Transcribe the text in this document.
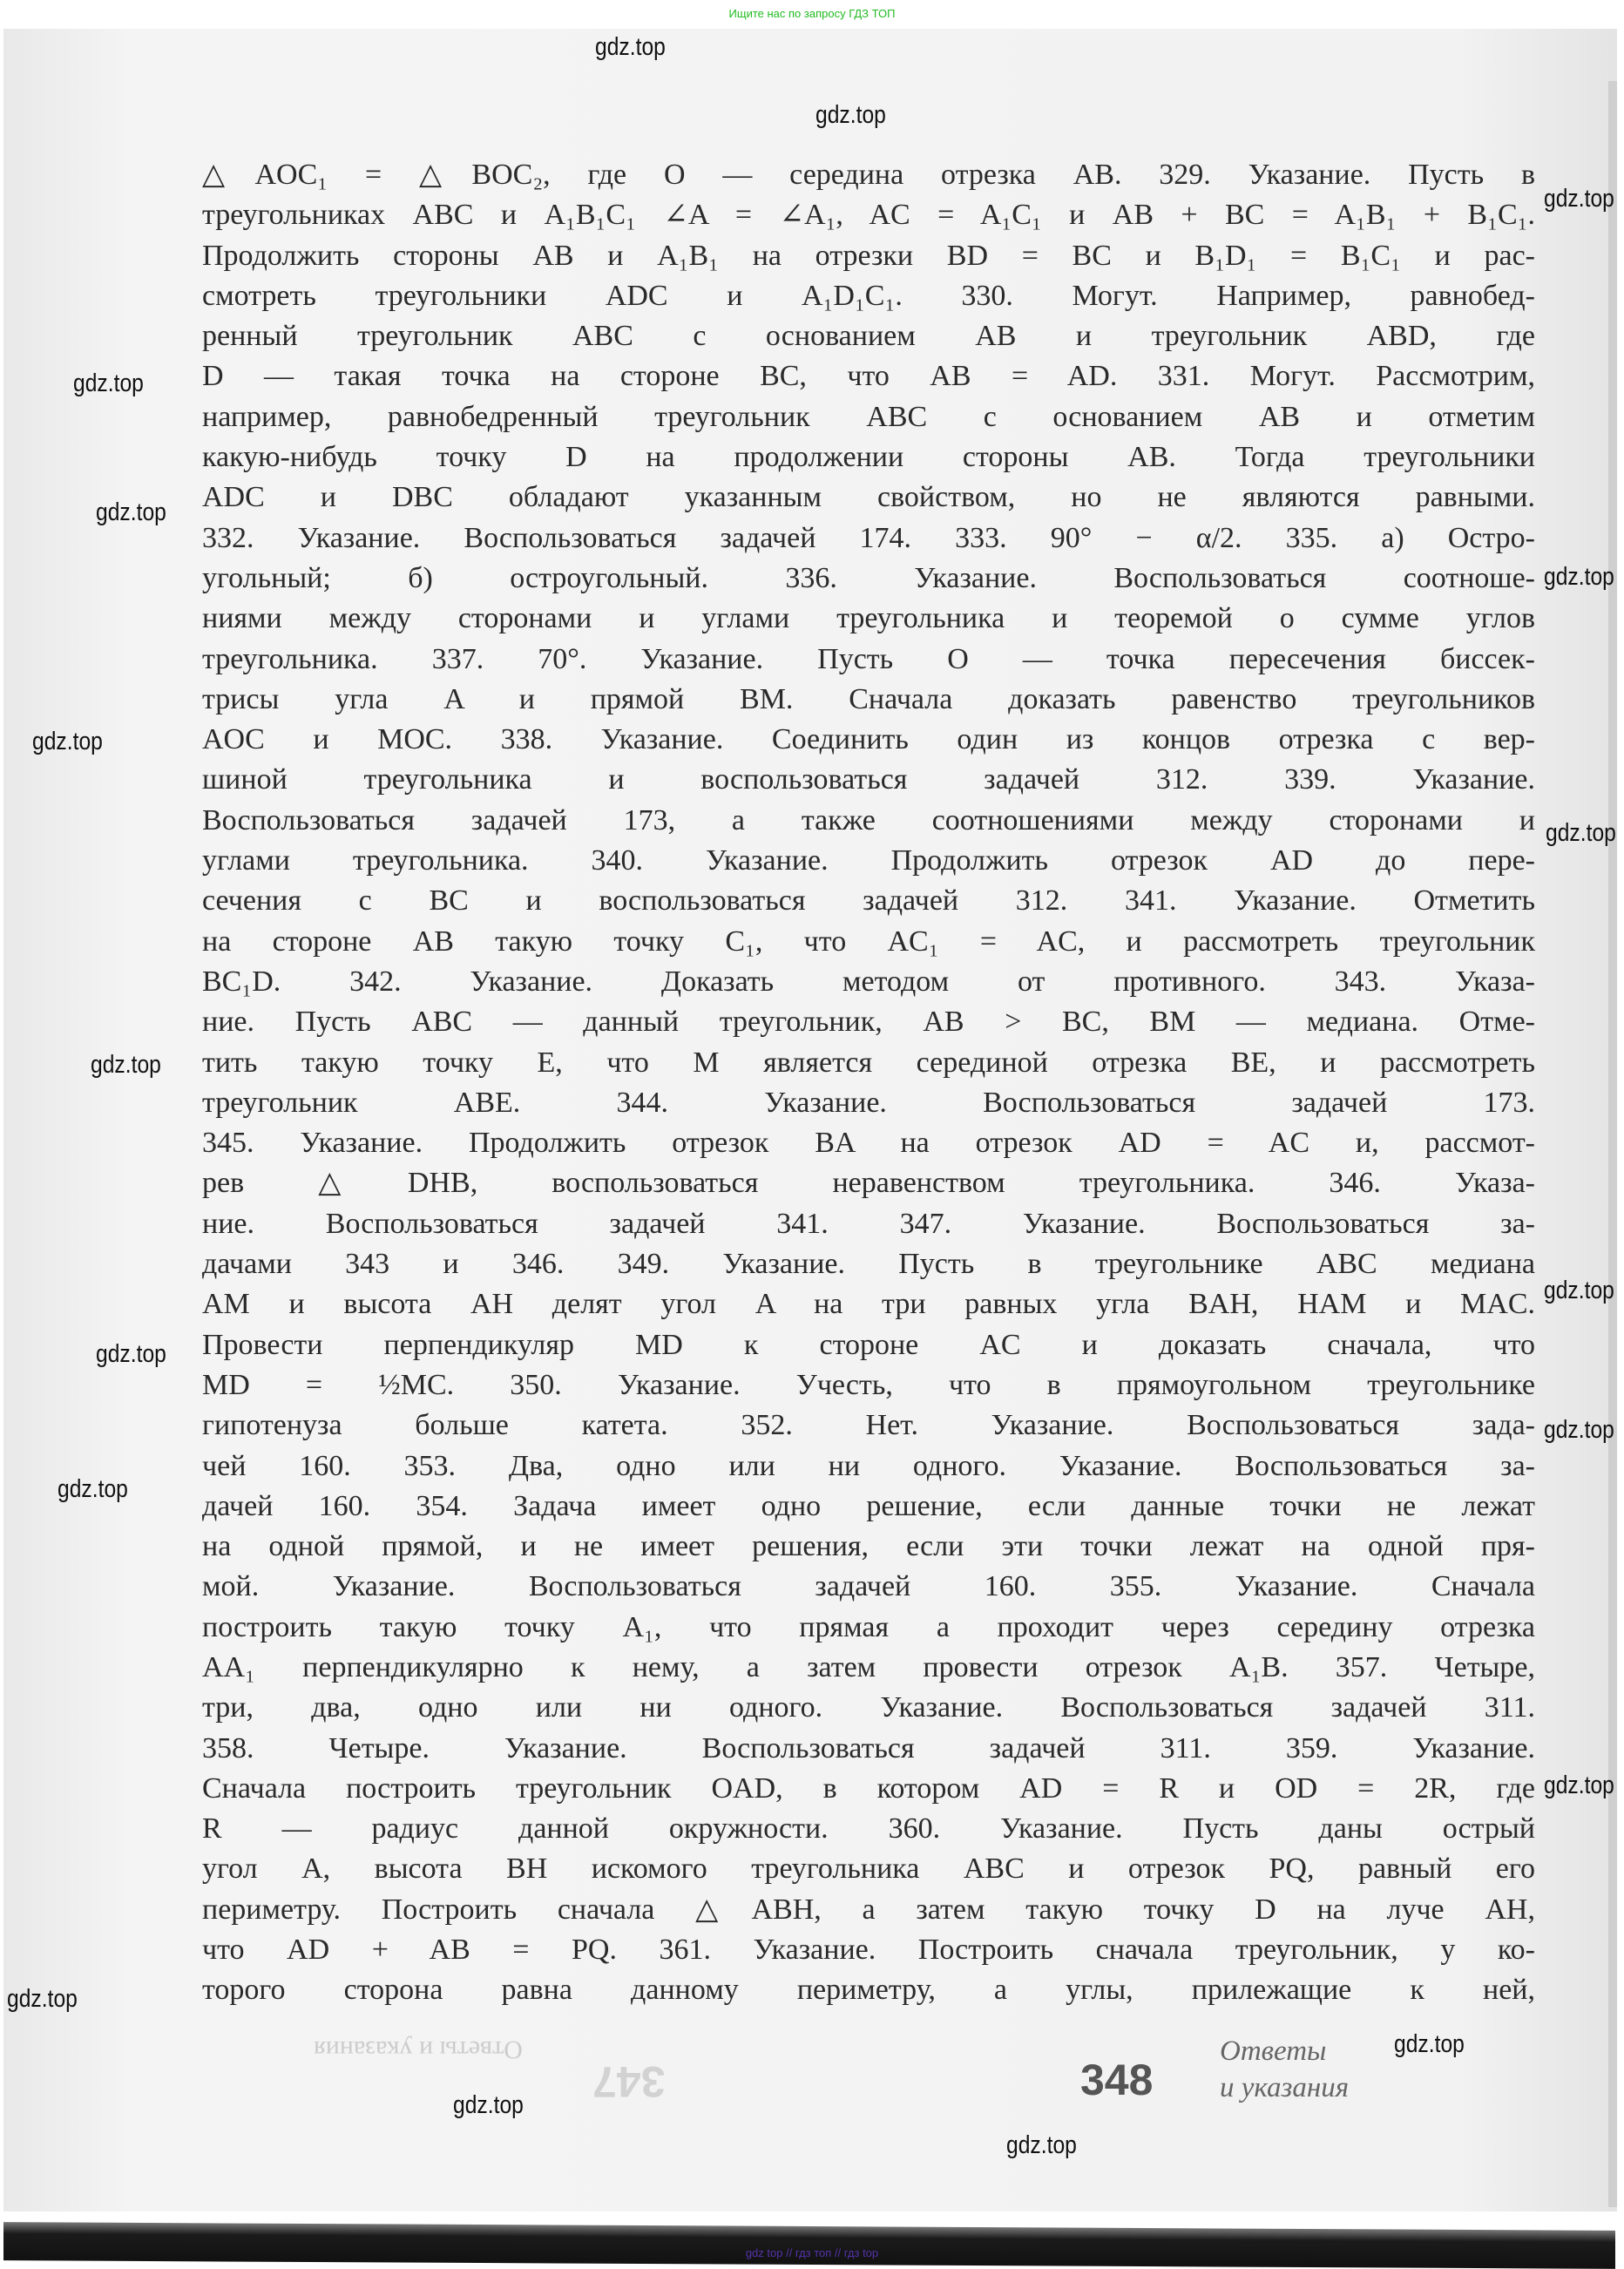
Ищите нас по запросу ГДЗ ТОП
△AOC₁ = △BOC₂, где O — середина отрезка AB. 329. Указание. Пусть в
треугольниках ABC и A₁B₁C₁ ∠A = ∠A₁, AC = A₁C₁ и AB + BC = A₁B₁ + B₁C₁.
Продолжить стороны AB и A₁B₁ на отрезки BD = BC и B₁D₁ = B₁C₁ и рас-
смотреть треугольники ADC и A₁D₁C₁. 330. Могут. Например, равнобед-
ренный треугольник ABC с основанием AB и треугольник ABD, где
D — такая точка на стороне BC, что AB = AD. 331. Могут. Рассмотрим,
например, равнобедренный треугольник ABC с основанием AB и отметим
какую-нибудь точку D на продолжении стороны AB. Тогда треугольники
ADC и DBC обладают указанным свойством, но не являются равными.
332. Указание. Воспользоваться задачей 174. 333. 90° − α/2. 335. а) Остро-
угольный; б) остроугольный. 336. Указание. Воспользоваться соотноше-
ниями между сторонами и углами треугольника и теоремой о сумме углов
треугольника. 337. 70°. Указание. Пусть O — точка пересечения биссек-
трисы угла A и прямой BM. Сначала доказать равенство треугольников
AOC и MOC. 338. Указание. Соединить один из концов отрезка с вер-
шиной треугольника и воспользоваться задачей 312. 339. Указание.
Воспользоваться задачей 173, а также соотношениями между сторонами и
углами треугольника. 340. Указание. Продолжить отрезок AD до пере-
сечения с BC и воспользоваться задачей 312. 341. Указание. Отметить
на стороне AB такую точку C₁, что AC₁ = AC, и рассмотреть треугольник
BC₁D. 342. Указание. Доказать методом от противного. 343. Указа-
ние. Пусть ABC — данный треугольник, AB > BC, BM — медиана. Отме-
тить такую точку E, что M является серединой отрезка BE, и рассмотреть
треугольник ABE. 344. Указание. Воспользоваться задачей 173.
345. Указание. Продолжить отрезок BA на отрезок AD = AC и, рассмот-
рев △DHB, воспользоваться неравенством треугольника. 346. Указа-
ние. Воспользоваться задачей 341. 347. Указание. Воспользоваться за-
дачами 343 и 346. 349. Указание. Пусть в треугольнике ABC медиана
AM и высота AH делят угол A на три равных угла BAH, HAM и MAC.
Провести перпендикуляр MD к стороне AC и доказать сначала, что
MD = ½MC. 350. Указание. Учесть, что в прямоугольном треугольнике
гипотенуза больше катета. 352. Нет. Указание. Воспользоваться зада-
чей 160. 353. Два, одно или ни одного. Указание. Воспользоваться за-
дачей 160. 354. Задача имеет одно решение, если данные точки не лежат
на одной прямой, и не имеет решения, если эти точки лежат на одной пря-
мой. Указание. Воспользоваться задачей 160. 355. Указание. Сначала
построить такую точку A₁, что прямая a проходит через середину отрезка
AA₁ перпендикулярно к нему, а затем провести отрезок A₁B. 357. Четыре,
три, два, одно или ни одного. Указание. Воспользоваться задачей 311.
358. Четыре. Указание. Воспользоваться задачей 311. 359. Указание.
Сначала построить треугольник OAD, в котором AD = R и OD = 2R, где
R — радиус данной окружности. 360. Указание. Пусть даны острый
угол A, высота BH искомого треугольника ABC и отрезок PQ, равный его
периметру. Построить сначала △ABH, а затем такую точку D на луче AH,
что AD + AB = PQ. 361. Указание. Построить сначала треугольник, у ко-
торого сторона равна данному периметру, а углы, прилежащие к ней,
Ответы и указания
347	348
Ответы
и указания
gdz.top
gdz.top
gdz.top
gdz.top
gdz.top
gdz.top
gdz.top
gdz.top
gdz.top
gdz.top
gdz.top
gdz.top
gdz.top
gdz.top
gdz.top
gdz.top
gdz.top
gdz.top
gdz top // гдз топ // гдз top
